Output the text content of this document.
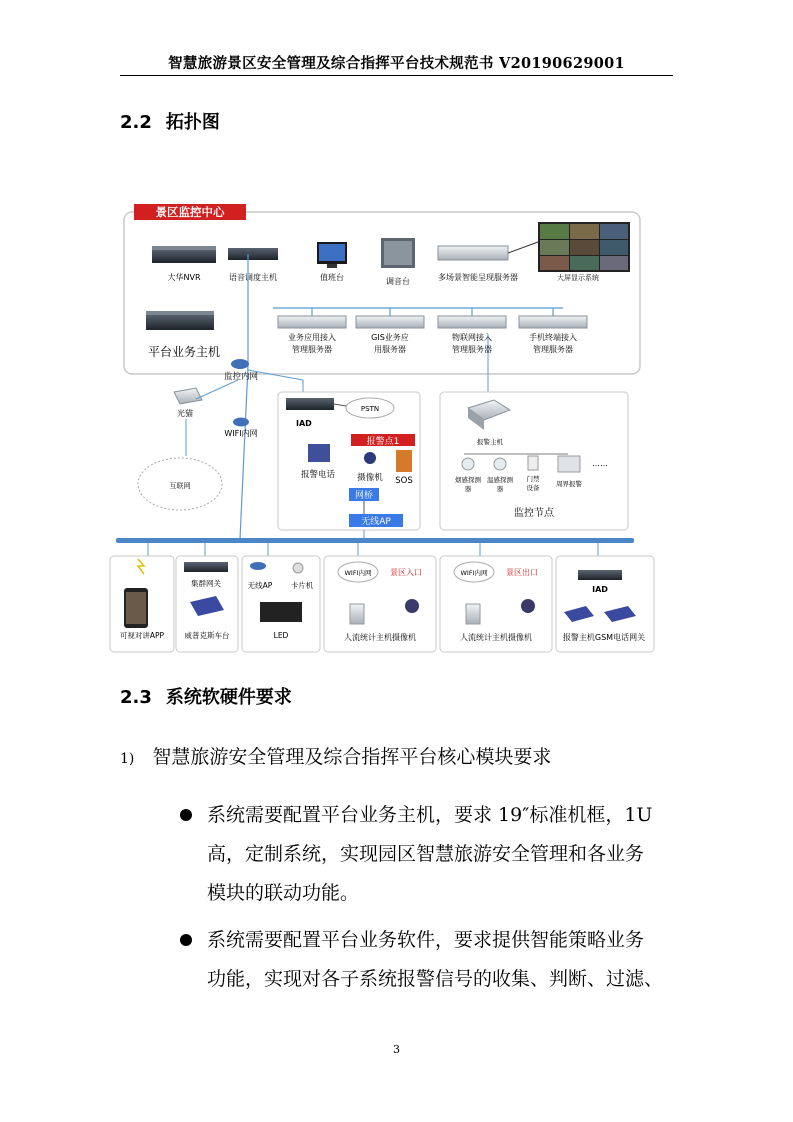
智慧旅游景区安全管理及综合指挥平台技术规范书 V20190629001
2.2 拓扑图
景区监控中心
大华NVR	语音调度主机	值班台	调音台	多场景智能呈现服务器	大屏显示系统
平台业务主机
业务应用接入
管理服务器
GIS业务应
用服务器
物联网接入
管理服务器
手机终端接入
管理服务器
监控内网
光猫
WIFI内网
互联网
IAD
PSTN
报警点1
报警电话	摄像机 SOS
网桥
无线AP
报警主机
烟感探测
器
温感探测
器
门禁
设备	周界报警
……
监控节点
可视对讲APP
集群网关
威普克斯车台
无线AP 卡片机
LED
WIFI内网 景区入口
人流统计主机摄像机
WIFI内网 景区出口
人流统计主机摄像机
IAD
报警主机GSM电话网关
2.3 系统软硬件要求
1) 智慧旅游安全管理及综合指挥平台核心模块要求
系统需要配置平台业务主机，要求 19″标准机框，1U
高，定制系统，实现园区智慧旅游安全管理和各业务
模块的联动功能。
系统需要配置平台业务软件，要求提供智能策略业务
功能，实现对各子系统报警信号的收集、判断、过滤、
3
